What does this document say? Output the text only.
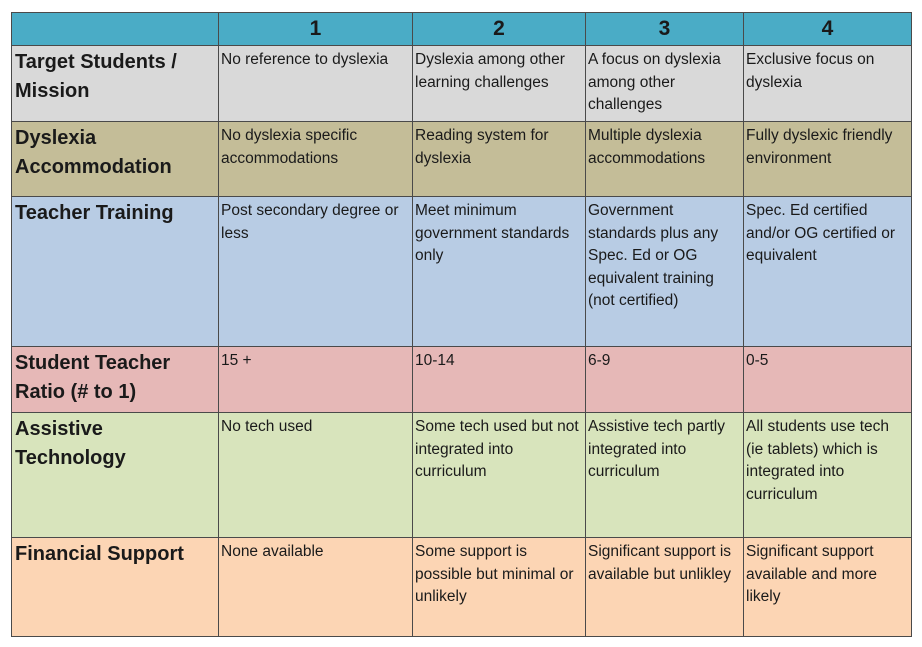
	1	2	3	4
Target Students / Mission	No reference to dyslexia	Dyslexia among other learning challenges	A focus on dyslexia among other challenges	Exclusive focus on dyslexia
Dyslexia Accommodation	No dyslexia specific accommodations	Reading system for dyslexia	Multiple dyslexia accommodations	Fully dyslexic friendly environment
Teacher Training	Post secondary degree or less	Meet minimum government standards only	Government standards plus any Spec. Ed or OG equivalent training (not certified)	Spec. Ed certified and/or OG certified or equivalent
Student Teacher Ratio (# to 1)	15 +	10-14	6-9	0-5
Assistive Technology	No tech used	Some tech used but not integrated into curriculum	Assistive tech partly integrated into curriculum	All students use tech (ie tablets) which is integrated into curriculum
Financial Support	None available	Some support is possible but minimal or unlikely	Significant support is available but unlikley	Significant support available and more likely
